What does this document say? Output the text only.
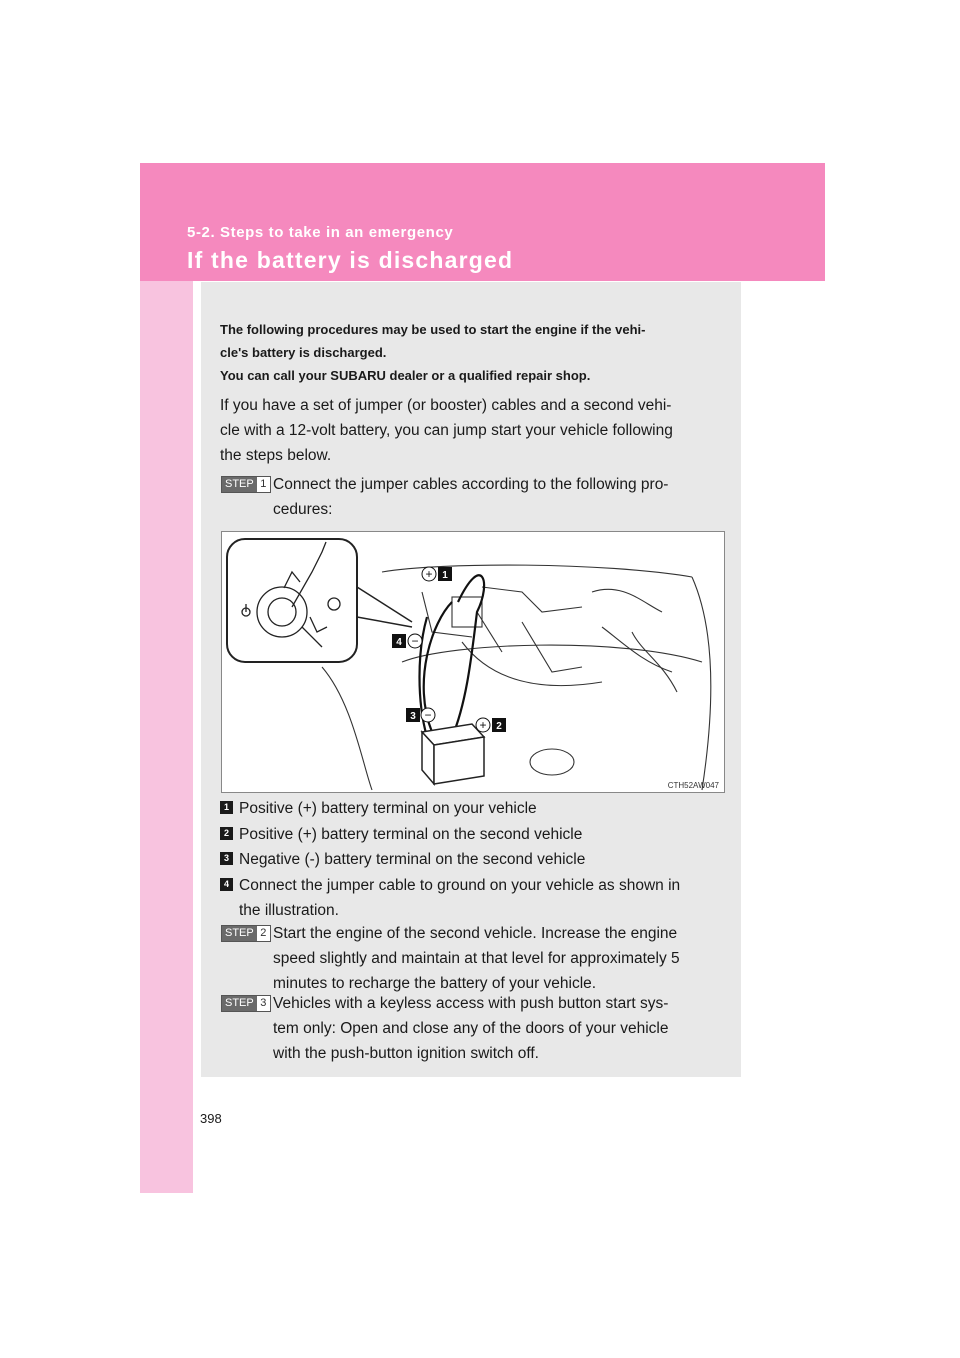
5-2. Steps to take in an emergency
If the battery is discharged
The following procedures may be used to start the engine if the vehi-
cle's battery is discharged.
You can call your SUBARU dealer or a qualified repair shop.
If you have a set of jumper (or booster) cables and a second vehi-
cle with a 12-volt battery, you can jump start your vehicle following
the steps below.
STEP 1 Connect the jumper cables according to the following pro-
cedures:
+ 1
4 −
3 −
+ 2
CTH52AW047
1 Positive (+) battery terminal on your vehicle
2 Positive (+) battery terminal on the second vehicle
3 Negative (-) battery terminal on the second vehicle
4 Connect the jumper cable to ground on your vehicle as shown in
the illustration.
STEP 2 Start the engine of the second vehicle. Increase the engine
speed slightly and maintain at that level for approximately 5
minutes to recharge the battery of your vehicle.
STEP 3 Vehicles with a keyless access with push button start sys-
tem only: Open and close any of the doors of your vehicle
with the push-button ignition switch off.
398
